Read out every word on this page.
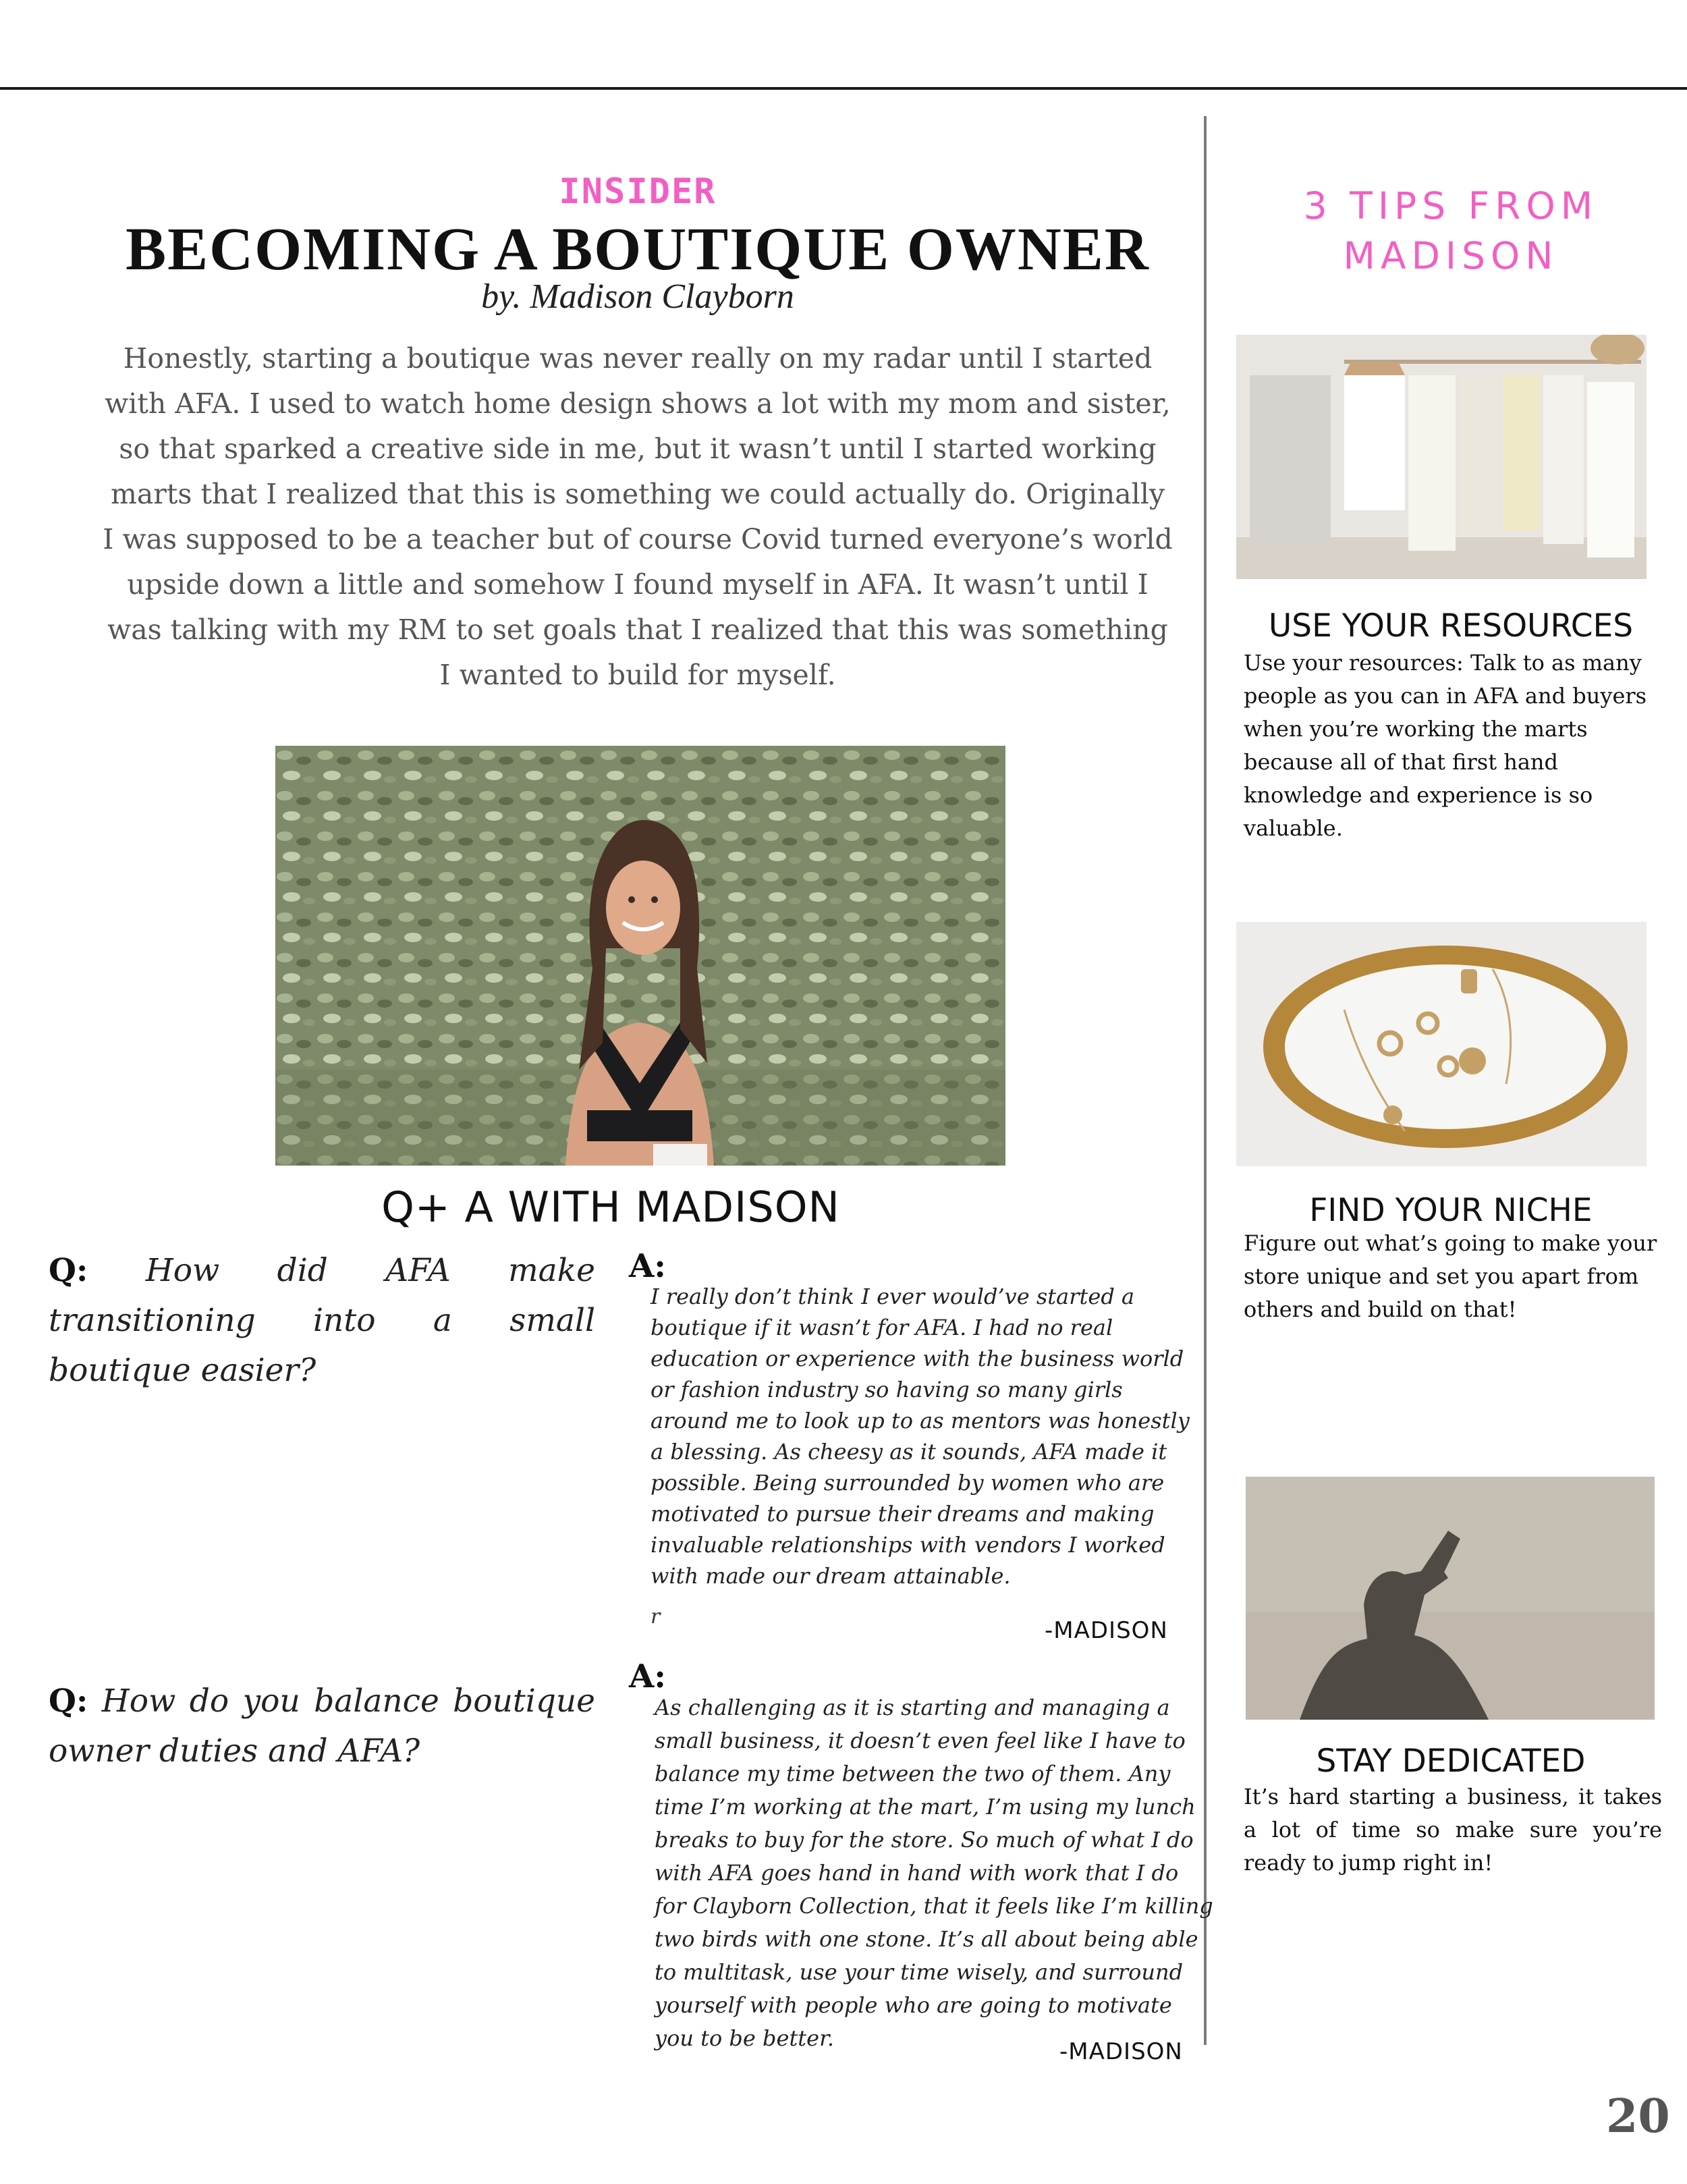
INSIDER
BECOMING A BOUTIQUE OWNER
by. Madison Clayborn
Honestly, starting a boutique was never really on my radar until I started with AFA. I used to watch home design shows a lot with my mom and sister, so that sparked a creative side in me, but it wasn’t until I started working marts that I realized that this is something we could actually do. Originally I was supposed to be a teacher but of course Covid turned everyone’s world upside down a little and somehow I found myself in AFA. It wasn’t until I was talking with my RM to set goals that I realized that this was something I wanted to build for myself.
Q+ A WITH MADISON
Q: How did AFA make transitioning into a small boutique easier?
A:
I really don’t think I ever would’ve started a boutique if it wasn’t for AFA. I had no real education or experience with the business world or fashion industry so having so many girls around me to look up to as mentors was honestly a blessing. As cheesy as it sounds, AFA made it possible. Being surrounded by women who are motivated to pursue their dreams and making invaluable relationships with vendors I worked with made our dream attainable.
r
-MADISON
Q: How do you balance boutique owner duties and AFA?
A:
As challenging as it is starting and managing a small business, it doesn’t even feel like I have to balance my time between the two of them. Any time I’m working at the mart, I’m using my lunch breaks to buy for the store. So much of what I do with AFA goes hand in hand with work that I do for Clayborn Collection, that it feels like I’m killing two birds with one stone. It’s all about being able to multitask, use your time wisely, and surround yourself with people who are going to motivate you to be better.	-MADISON
3 TIPS FROM MADISON
USE YOUR RESOURCES
Use your resources: Talk to as many people as you can in AFA and buyers when you’re working the marts because all of that first hand knowledge and experience is so valuable.
FIND YOUR NICHE
Figure out what’s going to make your store unique and set you apart from others and build on that!
STAY DEDICATED
It’s hard starting a business, it takes a lot of time so make sure you’re ready to jump right in!
20
